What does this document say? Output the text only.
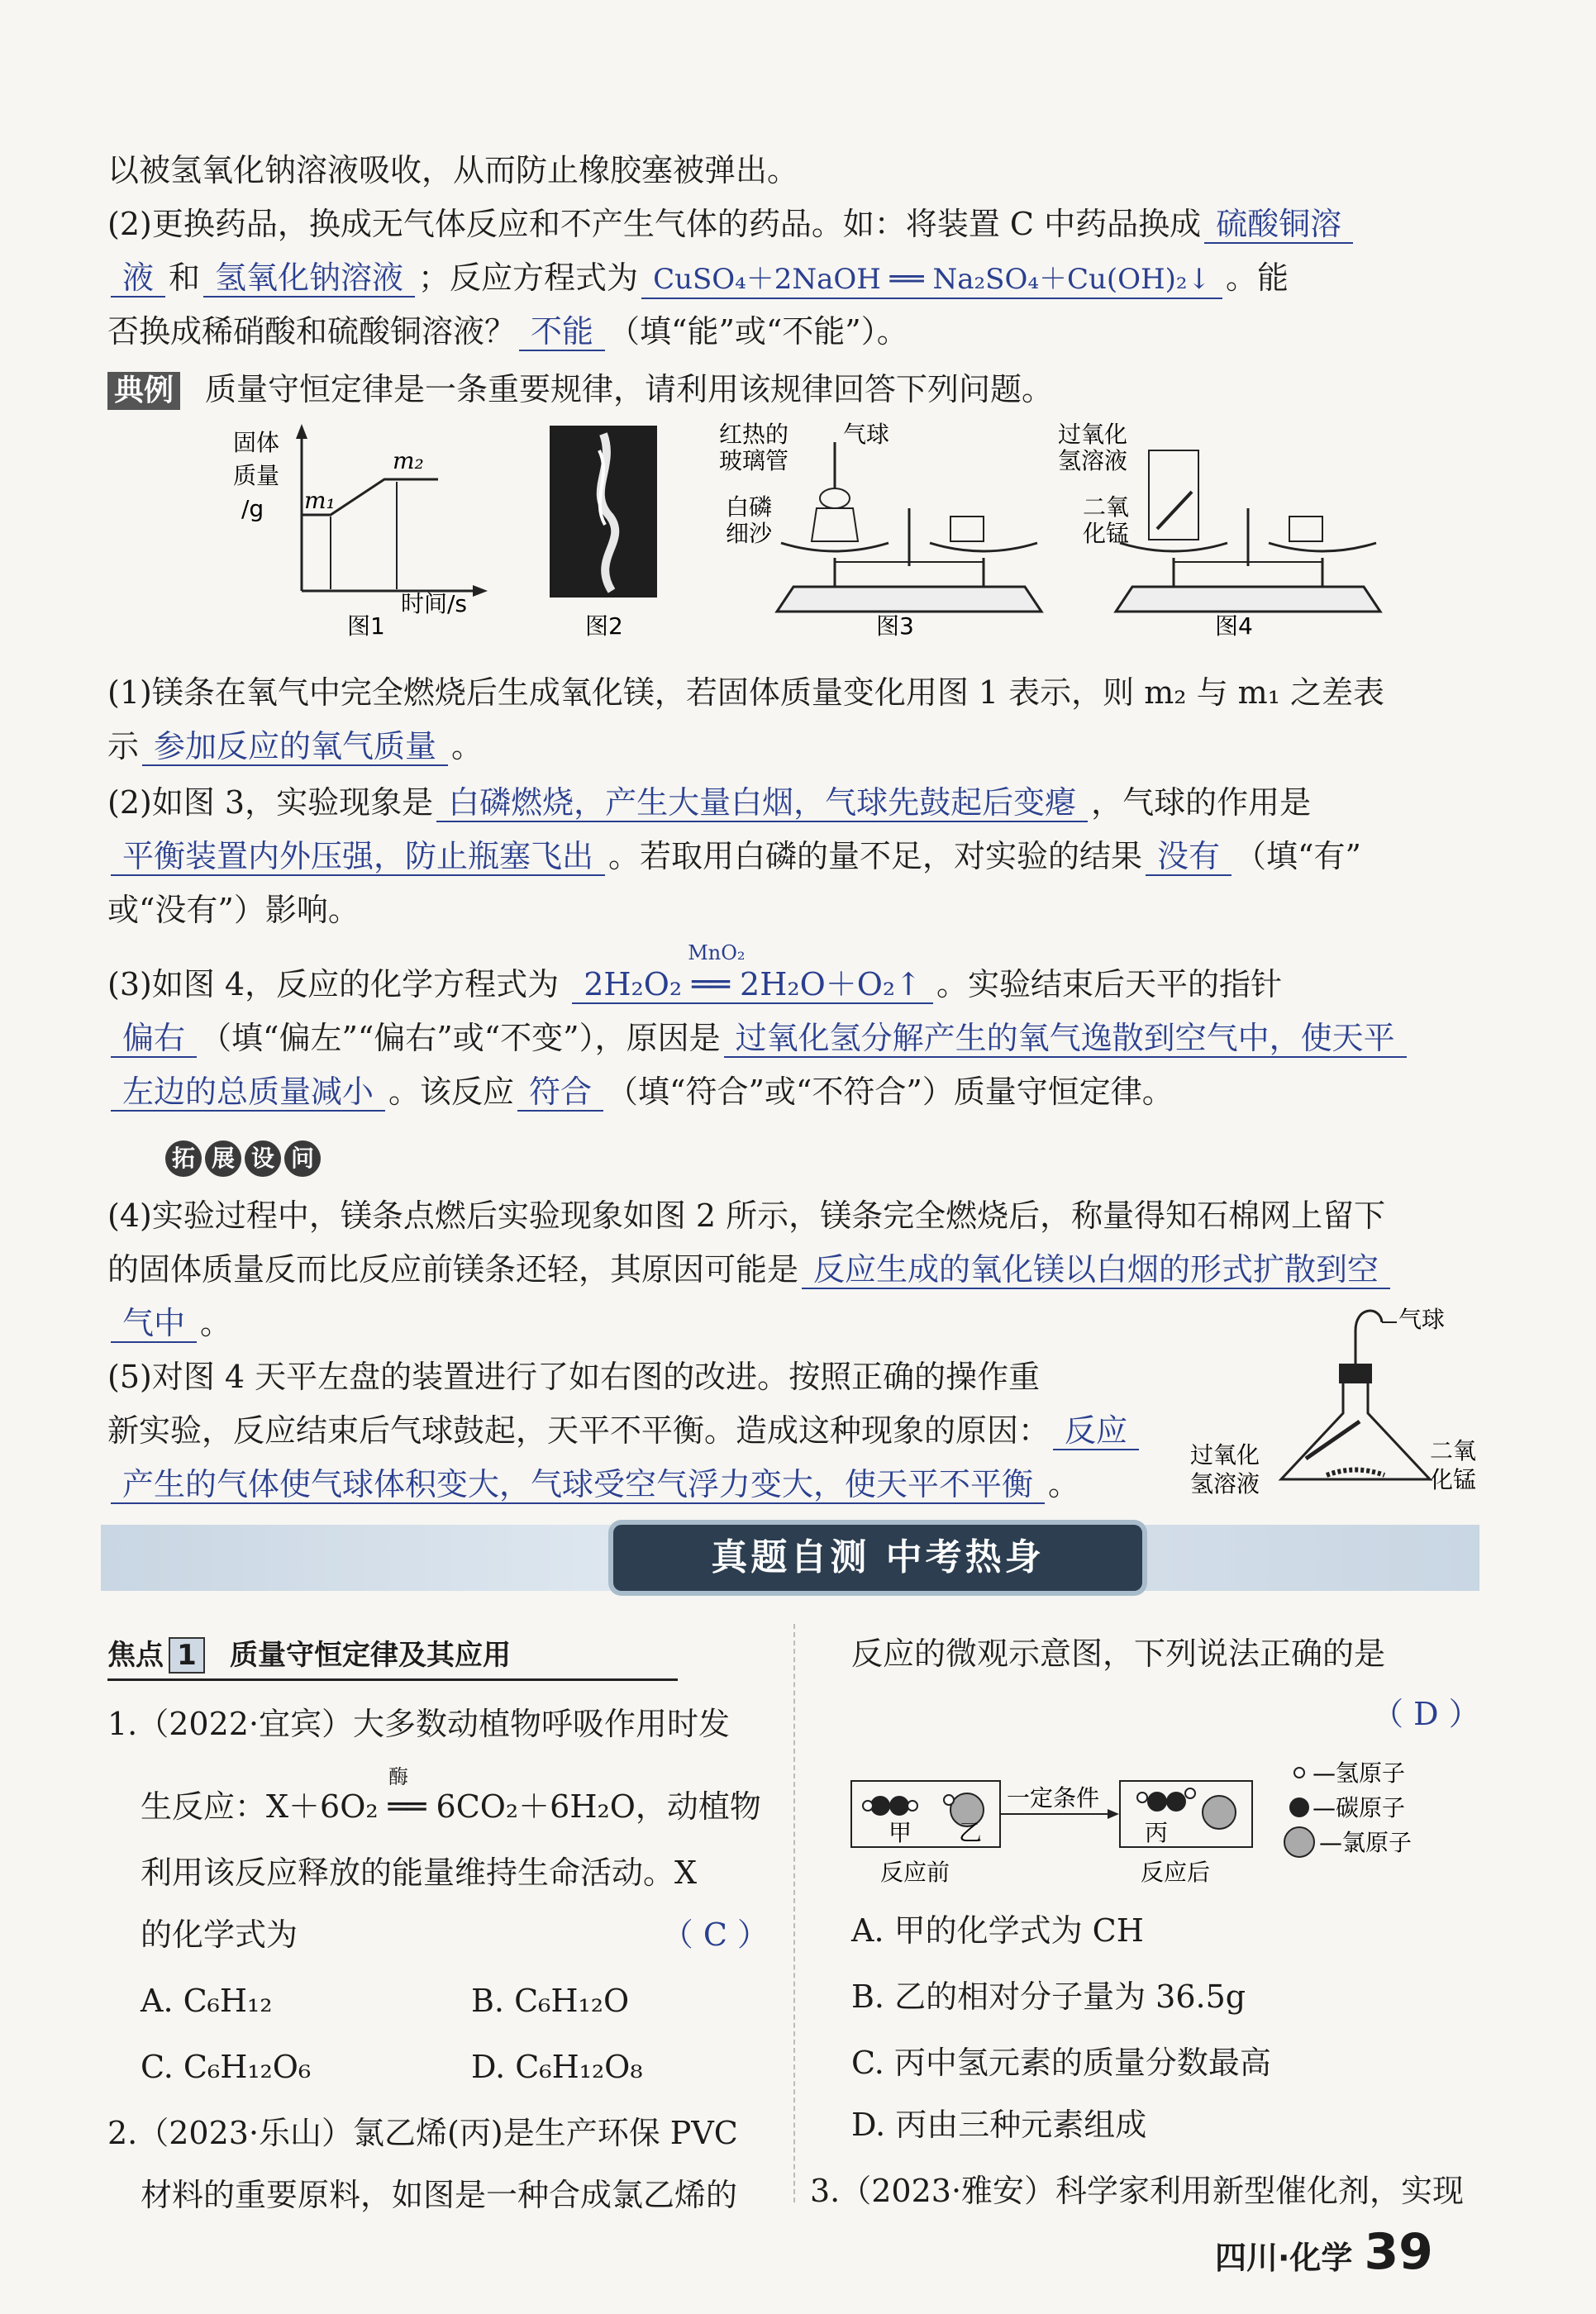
以被氢氧化钠溶液吸收，从而防止橡胶塞被弹出。
(2)更换药品，换成无气体反应和不产生气体的药品。如：将装置 C 中药品换成 硫酸铜溶
液 和 氢氧化钠溶液 ；反应方程式为 CuSO₄＋2NaOH ══ Na₂SO₄＋Cu(OH)₂↓ 。能
否换成稀硝酸和硫酸铜溶液？ 不能 （填“能”或“不能”）。
典例 质量守恒定律是一条重要规律，请利用该规律回答下列问题。
固体
质量
/g m₁
m₂
时间/s
图1	图2
红热的
玻璃管
气球
白磷
细沙
图3
过氧化
氢溶液
二氧
化锰
图4
(1)镁条在氧气中完全燃烧后生成氧化镁，若固体质量变化用图 1 表示，则 m₂ 与 m₁ 之差表
示 参加反应的氧气质量 。
(2)如图 3，实验现象是 白磷燃烧，产生大量白烟，气球先鼓起后变瘪 ，气球的作用是
平衡装置内外压强，防止瓶塞飞出 。若取用白磷的量不足，对实验的结果 没有 （填“有”
或“没有”）影响。
(3)如图 4，反应的化学方程式为
MnO₂
2H₂O₂ ══ 2H₂O＋O₂↑ 。实验结束后天平的指针
偏右 （填“偏左”“偏右”或“不变”），原因是 过氧化氢分解产生的氧气逸散到空气中，使天平
左边的总质量减小 。该反应 符合 （填“符合”或“不符合”）质量守恒定律。
拓 展 设 问
(4)实验过程中，镁条点燃后实验现象如图 2 所示，镁条完全燃烧后，称量得知石棉网上留下
的固体质量反而比反应前镁条还轻，其原因可能是 反应生成的氧化镁以白烟的形式扩散到空
气中 。
(5)对图 4 天平左盘的装置进行了如右图的改进。按照正确的操作重
新实验，反应结束后气球鼓起，天平不平衡。造成这种现象的原因： 反应
产生的气体使气球体积变大，气球受空气浮力变大，使天平不平衡 。
气球
过氧化
氢溶液
二氧
化锰
真题自测 中考热身
焦点 1 质量守恒定律及其应用
1.（2022·宜宾）大多数动植物呼吸作用时发
生反应：X＋6O₂ ══ 6CO₂＋6H₂O，动植物
酶
利用该反应释放的能量维持生命活动。X
的化学式为	（ C ）
A. C₆H₁₂	B. C₆H₁₂O
C. C₆H₁₂O₆	D. C₆H₁₂O₈
2.（2023·乐山）氯乙烯(丙)是生产环保 PVC
材料的重要原料，如图是一种合成氯乙烯的
反应的微观示意图，下列说法正确的是
（ D ）
甲 乙
一定条件
丙
反应前	反应后
—氢原子
—碳原子
—氯原子
A. 甲的化学式为 CH
B. 乙的相对分子量为 36.5g
C. 丙中氢元素的质量分数最高
D. 丙由三种元素组成
3.（2023·雅安）科学家利用新型催化剂，实现
四川·化学 39
